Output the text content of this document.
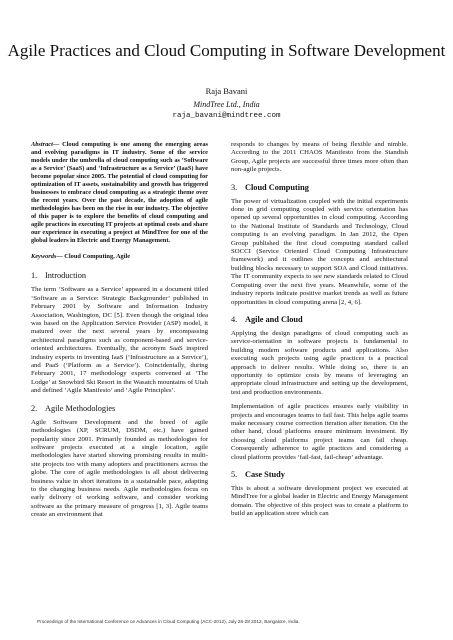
Agile Practices and Cloud Computing in Software Development
Raja Bavani
MindTree Ltd., India
raja_bavani@mindtree.com

Abstract— Cloud computing is one among the emerging areas and evolving paradigms in IT industry. Some of the service models under the umbrella of cloud computing such as ‘Software as a Service’ (SaaS) and ‘Infrastructure as a Service’ (IaaS) have become popular since 2005. The potential of cloud computing for optimization of IT assets, sustainability and growth has triggered businesses to embrace cloud computing as a strategic theme over the recent years. Over the past decade, the adoption of agile methodologies has been on the rise in our industry. The objective of this paper is to explore the benefits of cloud computing and agile practices in executing IT projects at optimal costs and share our experience in executing a project at MindTree for one of the global leaders in Electric and Energy Management.

Keywords— Cloud Computing, Agile

1. Introduction

The term ‘Software as a Service’ appeared in a document titled ‘Software as a Service: Strategic Backgrounder’ published in February 2001 by Software and Information Industry Association, Washington, DC [5]. Even though the original idea was based on the Application Service Provider (ASP) model, it matured over the next several years by encompassing architectural paradigms such as component-based and service-oriented architectures. Eventually, the acronym SaaS inspired industry experts in inventing IaaS (‘Infrastructure as a Service’), and PaaS (‘Platform as a Service’). Coincidentally, during February 2001, 17 methodology experts convened at ‘The Lodge’ at Snowbird Ski Resort in the Wasatch mountains of Utah and defined ‘Agile Manifesto’ and ‘Agile Principles’.

2. Agile Methodologies

Agile Software Development and the breed of agile methodologies (XP, SCRUM, DSDM, etc.) have gained popularity since 2001. Primarily founded as methodologies for software projects executed at a single location, agile methodologies have started showing promising results in multi-site projects too with many adopters and practitioners across the globe. The core of agile methodologies is all about delivering business value in short iterations in a sustainable pace, adapting to the changing business needs. Agile methodologies focus on early delivery of working software, and consider working software as the primary measure of progress [1, 3]. Agile teams create an environment that

responds to changes by means of being flexible and nimble. According to the 2011 CHAOS Manifesto from the Standish Group, Agile projects are successful three times more often than non-agile projects.

3. Cloud Computing

The power of virtualization coupled with the initial experiments done in grid computing coupled with service orientation has opened up several opportunities in cloud computing. According to the National Institute of Standards and Technology, Cloud computing is an evolving paradigm. In Jan 2012, the Open Group published the first cloud computing standard called SOCCI (Service Oriented Cloud Computing Infrastructure framework) and it outlines the concepts and architectural building blocks necessary to support SOA and Cloud initiatives. The IT community expects to see new standards related to Cloud Computing over the next five years. Meanwhile, some of the industry reports indicate positive market trends as well as future opportunities in cloud computing arena [2, 4, 6].

4. Agile and Cloud

Applying the design paradigms of cloud computing such as service-orientation in software projects is fundamental to building modern software products and applications. Also executing such projects using agile practices is a practical approach to deliver results. While doing so, there is an opportunity to optimize costs by means of leveraging an appropriate cloud infrastructure and setting up the development, test and production environments.

Implementation of agile practices ensures early visibility in projects and encourages teams to fail fast. This helps agile teams make necessary course correction iteration after iteration. On the other hand, cloud platforms ensure minimum investment. By choosing cloud platforms project teams can fail cheap. Consequently adherence to agile practices and considering a cloud platform provides ‘fail-fast, fail-cheap’ advantage.

5. Case Study

This is about a software development project we executed at MindTree for a global leader in Electric and Energy Management domain. The objective of this project was to create a platform to build an application store which can

Proceedings of the International Conference on Advances in Cloud Computing (ACC-2012), July 26-28 2012, Bangalore, India.
